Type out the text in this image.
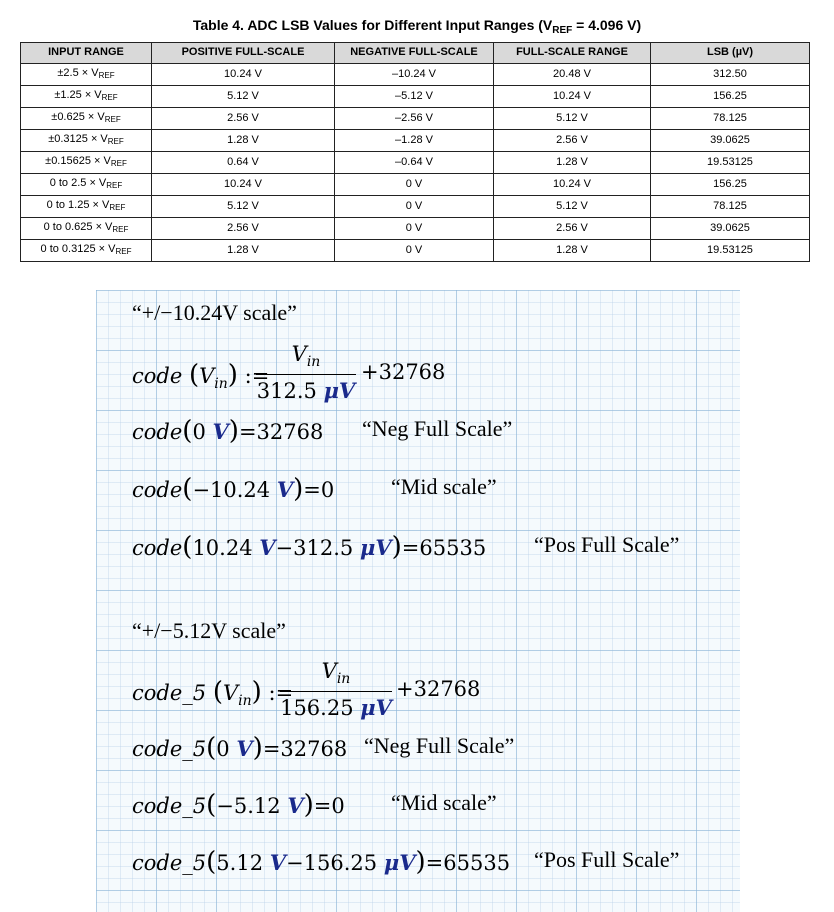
Table 4. ADC LSB Values for Different Input Ranges ($V_{REF} = 4.096$ V)
INPUT RANGE	POSITIVE FULL-SCALE	NEGATIVE FULL-SCALE	FULL-SCALE RANGE	LSB (µV)
$\pm 2.5 \times V_{REF}$	10.24 V	–10.24 V	20.48 V	312.50
$\pm 1.25 \times V_{REF}$	5.12 V	–5.12 V	10.24 V	156.25
$\pm 0.625 \times V_{REF}$	2.56 V	–2.56 V	5.12 V	78.125
$\pm 0.3125 \times V_{REF}$	1.28 V	–1.28 V	2.56 V	39.0625
$\pm 0.15625 \times V_{REF}$	0.64 V	–0.64 V	1.28 V	19.53125
0 to $2.5 \times V_{REF}$	10.24 V	0 V	10.24 V	156.25
0 to $1.25 \times V_{REF}$	5.12 V	0 V	5.12 V	78.125
0 to $0.625 \times V_{REF}$	2.56 V	0 V	2.56 V	39.0625
0 to $0.3125 \times V_{REF}$	1.28 V	0 V	1.28 V	19.53125
“+/−10.24V scale”
code $(V_{in})$ :=
$V_{in}$
312.5 μV
+32768
code(0 V)=32768 “Neg Full Scale”
code(−10.24 V)=0	“Mid scale”
code(10.24 V−312.5 μV)=65535 “Pos Full Scale”
“+/−5.12V scale”
code_5 $(V_{in})$ :=
$V_{in}$
156.25 μV
+32768
code_5(0 V)=32768 “Neg Full Scale”
code_5(−5.12 V)=0 “Mid scale”
code_5(5.12 V−156.25 μV)=65535 “Pos Full Scale”
